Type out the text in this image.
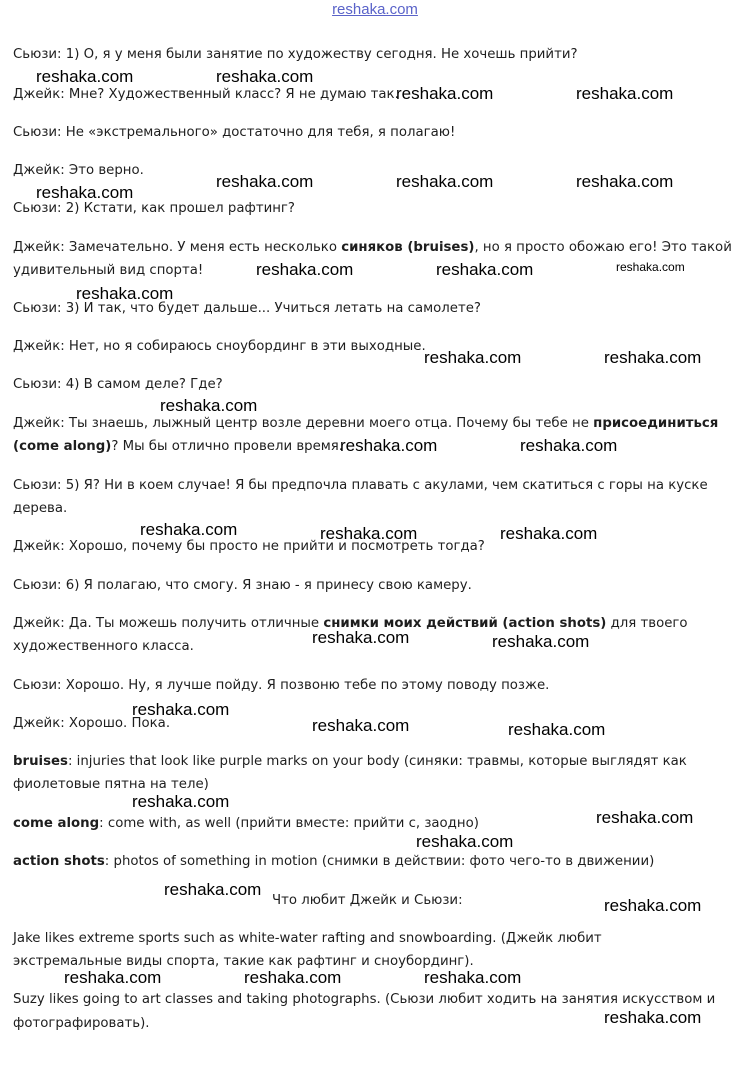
reshaka.com

Сьюзи: 1) О, я у меня были занятие по художеству сегодня. Не хочешь прийти?

Джейк: Мне? Художественный класс? Я не думаю так.

Сьюзи: Не «экстремального» достаточно для тебя, я полагаю!

Джейк: Это верно.

Сьюзи: 2) Кстати, как прошел рафтинг?

Джейк: Замечательно. У меня есть несколько синяков (bruises), но я просто обожаю его! Это такой

удивительный вид спорта!

Сьюзи: 3) И так, что будет дальше... Учиться летать на самолете?

Джейк: Нет, но я собираюсь сноубординг в эти выходные.

Сьюзи: 4) В самом деле? Где?

Джейк: Ты знаешь, лыжный центр возле деревни моего отца. Почему бы тебе не присоединиться

(come along)? Мы бы отлично провели время.

Сьюзи: 5) Я? Ни в коем случае! Я бы предпочла плавать с акулами, чем скатиться с горы на куске

дерева.

Джейк: Хорошо, почему бы просто не прийти и посмотреть тогда?

Сьюзи: 6) Я полагаю, что смогу. Я знаю - я принесу свою камеру.

Джейк: Да. Ты можешь получить отличные снимки моих действий (action shots) для твоего

художественного класса.

Сьюзи: Хорошо. Ну, я лучше пойду. Я позвоню тебе по этому поводу позже.

Джейк: Хорошо. Пока.

bruises: injuries that look like purple marks on your body (синяки: травмы, которые выглядят как

фиолетовые пятна на теле)

come along: come with, as well (прийти вместе: прийти с, заодно)

action shots: photos of something in motion (снимки в действии: фото чего-то в движении)

Что любит Джейк и Сьюзи:

Jake likes extreme sports such as white-water rafting and snowboarding. (Джейк любит

экстремальные виды спорта, такие как рафтинг и сноубординг).

Suzy likes going to art classes and taking photographs. (Сьюзи любит ходить на занятия искусством и

фотографировать).

reshaka.com	reshaka.com
reshaka.com	reshaka.com
reshaka.com
reshaka.com	reshaka.com	reshaka.com
reshaka.com	reshaka.com	reshaka.com
reshaka.com
reshaka.com	reshaka.com
reshaka.com
reshaka.com	reshaka.com
reshaka.com	reshaka.com	reshaka.com
reshaka.com	reshaka.com
reshaka.com
reshaka.com	reshaka.com
reshaka.com
reshaka.com
reshaka.com
reshaka.com
reshaka.com
reshaka.com	reshaka.com	reshaka.com
reshaka.com
